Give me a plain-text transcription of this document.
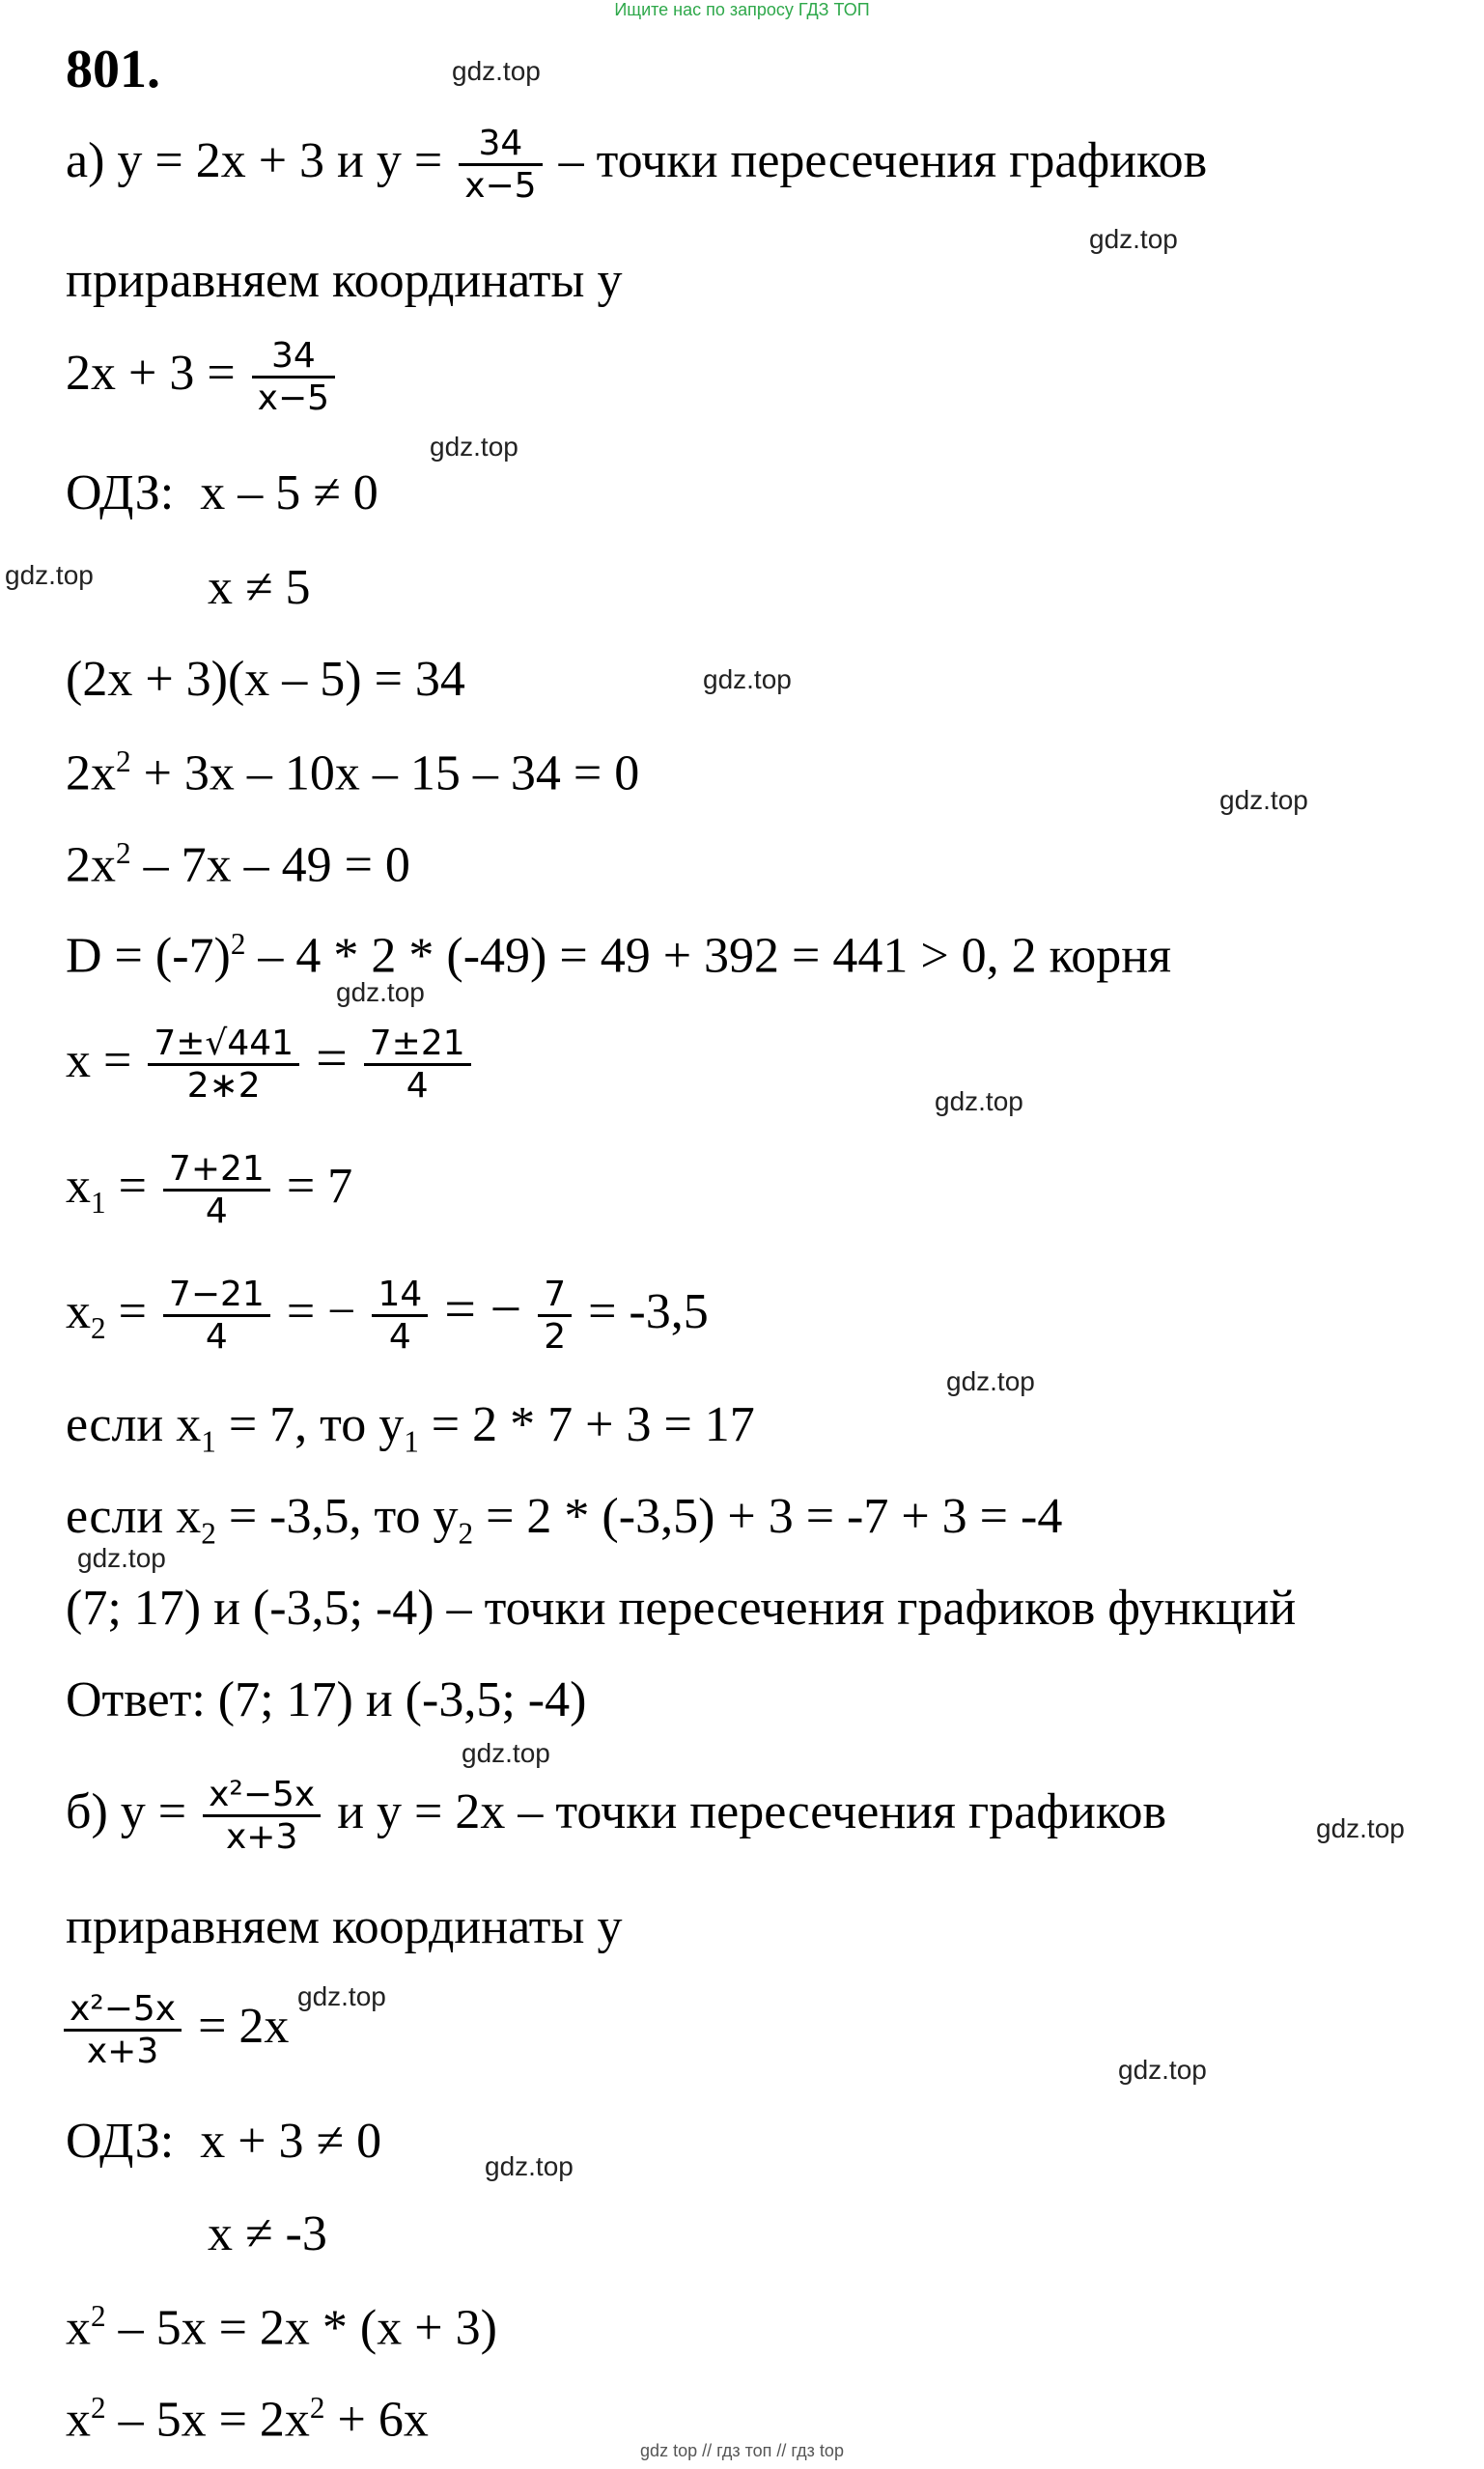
Ищите нас по запросу ГДЗ ТОП
801.
а) y = 2x + 3 и $y = \frac{34}{x-5}$ – точки пересечения графиков
приравняем координаты y
$2x + 3 = \frac{34}{x-5}$
ОДЗ: x – 5 ≠ 0
x ≠ 5
(2x + 3)(x – 5) = 34
$2x^2 + 3x - 10x - 15 - 34 = 0$
$2x^2 - 7x - 49 = 0$
$D = (-7)^2 - 4 * 2 * (-49) = 49 + 392 = 441 > 0$, 2 корня
$x = \frac{7\pm√441}{2∗2} = \frac{7\pm 21}{4}$
$x_1 = \frac{7+21}{4} = 7$
$x_2 = \frac{7-21}{4}$ = − $\frac{14}{4}$ = − $\frac{7}{2} = -3,5$
если $x_1 = 7$, то $y_1 = 2 * 7 + 3 = 17$
если $x_2 = -3,5$, то $y_2 = 2 * (-3,5) + 3 = -7 + 3 = -4$
(7; 17) и (-3,5; -4) – точки пересечения графиков функций
Ответ: (7; 17) и (-3,5; -4)
б) $y = \frac{\text{x²−5x}}{x+3}$ и y = 2x – точки пересечения графиков
приравняем координаты y
$\frac{\text{x²−5x}}{x+3} = 2x$
ОДЗ: x + 3 ≠ 0
x ≠ -3
$x^2 - 5x = 2x * (x + 3)$
$x^2 - 5x = 2x^2 + 6x$
gdz.top
gdz.top
gdz.top
gdz.top
gdz.top
gdz.top
gdz.top
gdz.top
gdz.top
gdz.top
gdz.top
gdz.top
gdz.top
gdz.top
gdz.top
gdz top // гдз топ // гдз top
